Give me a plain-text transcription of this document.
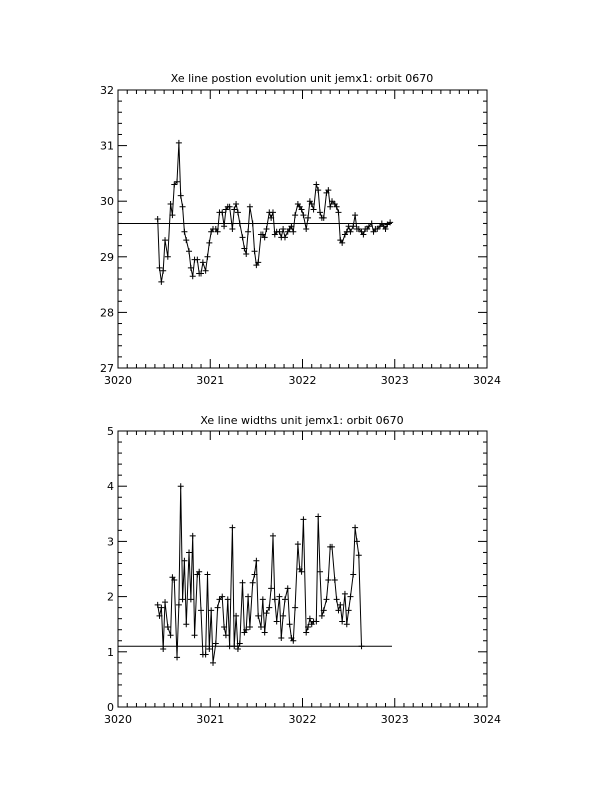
Xe line postion evolution unit jemx1: orbit 0670
3020	3021	3022	3023	3024
27
28
29
30
31
32
Xe line widths unit jemx1: orbit 0670
3020	3021	3022	3023	3024
0
1
2
3
4
5
